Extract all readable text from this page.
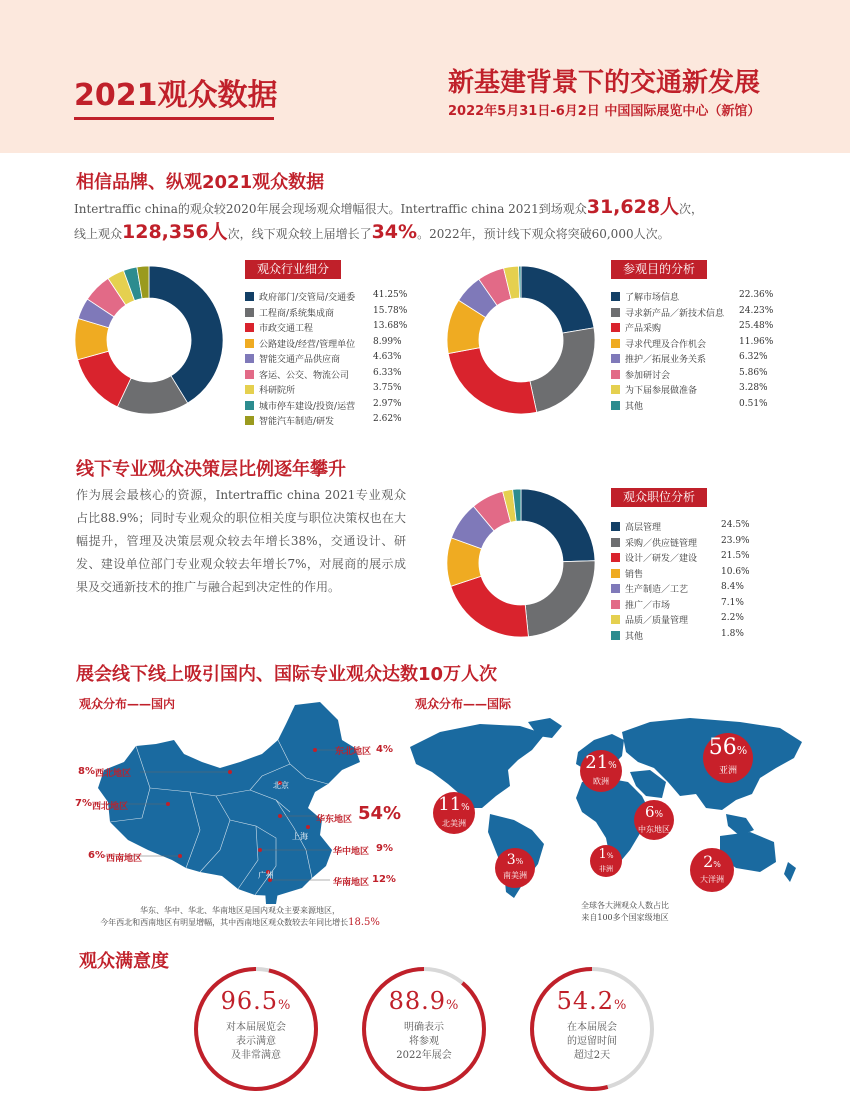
2021观众数据	新基建背景下的交通新发展
2022年5月31日-6月2日 中国国际展览中心（新馆）
相信品牌、纵观2021观众数据
Intertraffic china的观众较2020年展会现场观众增幅很大。Intertraffic china 2021到场观众31,628人次，
线上观众128,356人次，线下观众较上届增长了34%。2022年，预计线下观众将突破60,000人次。
观众行业细分
政府部门/交管局/交通委 41.25%
工程商/系统集成商	15.78%
市政交通工程	13.68%
公路建设/经营/管理单位 8.99%
智能交通产品供应商	4.63%
客运、公交、物流公司	6.33%
科研院所	3.75%
城市停车建设/投资/运营 2.97%
智能汽车制造/研发	2.62%
参观目的分析
了解市场信息	22.36%
寻求新产品／新技术信息 24.23%
产品采购	25.48%
寻求代理及合作机会	11.96%
推护／拓展业务关系	6.32%
参加研讨会	5.86%
为下届参展做准备	3.28%
其他	0.51%
线下专业观众决策层比例逐年攀升
作为展会最核心的资源，Intertraffic china 2021专业观众占比88.9%；同时专业观众的职位相关度与职位决策权也在大幅提升，管理及决策层观众较去年增长38%，交通设计、研发、建设单位部门专业观众较去年增长7%，对展商的展示成果及交通新技术的推广与融合起到决定性的作用。
观众职位分析
高层管理	24.5%
采购／供应链管理	23.9%
设计／研发／建设	21.5%
销售	10.6%
生产制造／工艺	8.4%
推广／市场	7.1%
品质／质量管理	2.2%
其他	1.8%
展会线下线上吸引国内、国际专业观众达数10万人次
观众分布——国内	观众分布——国际
北京
上海
广州
东北地区 4%
8% 西北地区
7% 西北地区
华东地区 54%
华中地区 9%
6% 西南地区
华南地区 12%
华东、华中、华北、华南地区是国内观众主要来源地区，
今年西北和西南地区有明显增幅，其中西南地区观众数较去年同比增长18.5%
56%
亚洲
21%
欧洲
11%
北美洲
6%
中东地区
3%
南美洲
1%
非洲	2%
大洋洲
全球各大洲观众人数占比
来自100多个国家级地区
观众满意度
96.5%
对本届展览会
表示满意
及非常满意
88.9%
明确表示
将参观
2022年展会
54.2%
在本届展会
的逗留时间
超过2天
